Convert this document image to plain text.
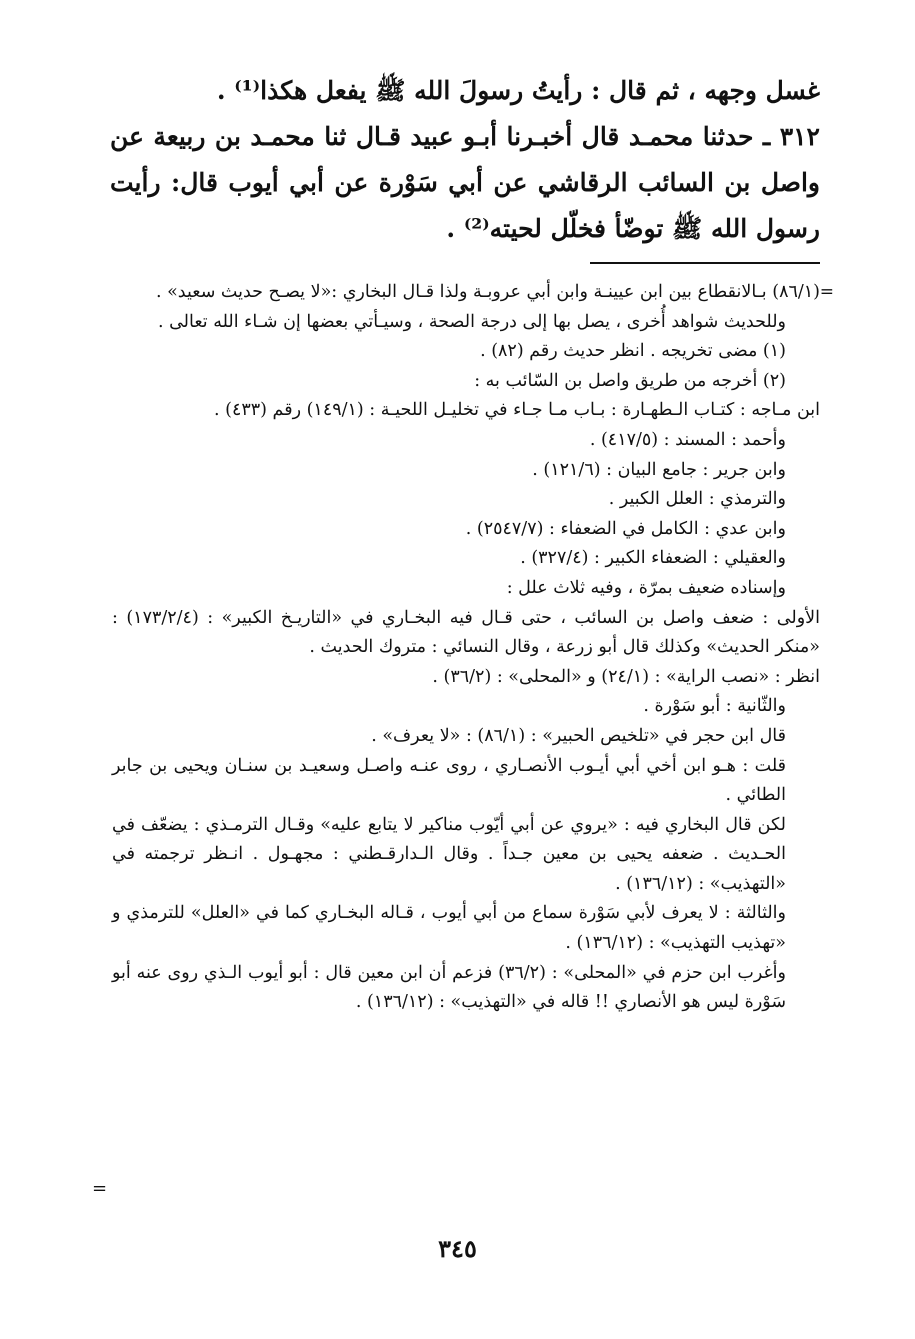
غسل وجهه ، ثم قال : رأيتُ رسولَ الله ﷺ يفعل هكذا⁽¹⁾ .

٣١٢ ـ حدثنا محمـد قال أخبـرنا أبـو عبيد قـال ثنا محمـد بن ربيعة عن واصل بن السائب الرقاشي عن أبي سَوْرة عن أبي أيوب قال: رأيت رسول الله ﷺ توضّأ فخلّل لحيته⁽²⁾ .

=
(٨٦/١) بـالانقطاع بين ابن عيينـة وابن أبي عروبـة ولذا قـال البخاري :«لا يصـح حديث سعيد» .

وللحديث شواهد أُخرى ، يصل بها إلى درجة الصحة ، وسيـأتي بعضها إن شـاء الله تعالى .

(١) مضى تخريجه . انظر حديث رقم (٨٢) .

(٢) أخرجه من طريق واصل بن السّائب به :

ابن مـاجه : كتـاب الـطهـارة : بـاب مـا جـاء في تخليـل اللحيـة : (١٤٩/١) رقم (٤٣٣) .

وأحمد : المسند : (٤١٧/٥) .

وابن جرير : جامع البيان : (١٢١/٦) .

والترمذي : العلل الكبير .

وابن عدي : الكامل في الضعفاء : (٢٥٤٧/٧) .

والعقيلي : الضعفاء الكبير : (٣٢٧/٤) .

وإسناده ضعيف بمرّة ، وفيه ثلاث علل :

الأولى : ضعف واصل بن السائب ، حتى قـال فيه البخـاري في «التاريـخ الكبير» : (١٧٣/٢/٤) : «منكر الحديث» وكذلك قال أبو زرعة ، وقال النسائي : متروك الحديث .

انظر : «نصب الراية» : (٢٤/١) و «المحلى» : (٣٦/٢) .

والثّانية : أبو سَوْرة .

قال ابن حجر في «تلخيص الحبير» : (٨٦/١) : «لا يعرف» .

قلت : هـو ابن أخي أبي أيـوب الأنصـاري ، روى عنـه واصـل وسعيـد بن سنـان ويحيى بن جابر الطائي .

لكن قال البخاري فيه : «يروي عن أبي أيّوب مناكير لا يتابع عليه» وقـال الترمـذي : يضعّف في الحـديث . ضعفه يحيى بن معين جـداً . وقال الـدارقـطني : مجهـول . انـظر ترجمته في «التهذيب» : (١٣٦/١٢) .

والثالثة : لا يعرف لأبي سَوْرة سماع من أبي أيوب ، قـاله البخـاري كما في «العلل» للترمذي و «تهذيب التهذيب» : (١٣٦/١٢) .

وأغرب ابن حزم في «المحلى» : (٣٦/٢) فزعم أن ابن معين قال : أبو أيوب الـذي روى عنه أبو سَوْرة ليس هو الأنصاري !! قاله في «التهذيب» : (١٣٦/١٢) .

=
٣٤٥
